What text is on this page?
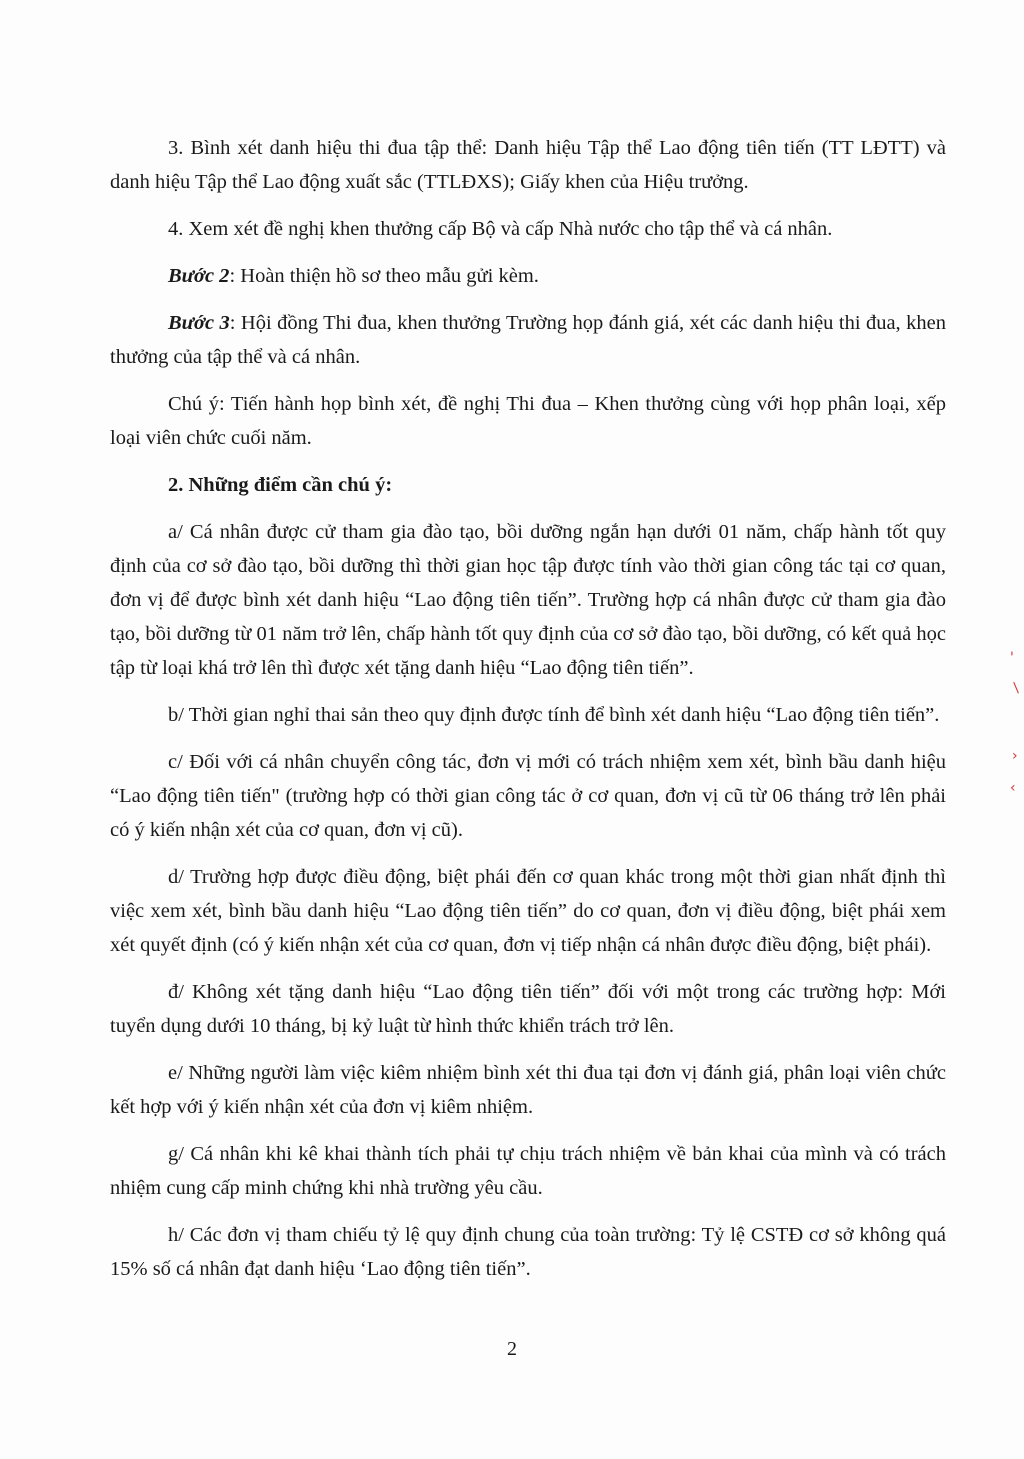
3. Bình xét danh hiệu thi đua tập thể: Danh hiệu Tập thể Lao động tiên tiến (TT LĐTT) và danh hiệu Tập thể Lao động xuất sắc (TTLĐXS); Giấy khen của Hiệu trưởng.

4. Xem xét đề nghị khen thưởng cấp Bộ và cấp Nhà nước cho tập thể và cá nhân.

Bước 2: Hoàn thiện hồ sơ theo mẫu gửi kèm.

Bước 3: Hội đồng Thi đua, khen thưởng Trường họp đánh giá, xét các danh hiệu thi đua, khen thưởng của tập thể và cá nhân.

Chú ý: Tiến hành họp bình xét, đề nghị Thi đua – Khen thưởng cùng với họp phân loại, xếp loại viên chức cuối năm.

2. Những điểm cần chú ý:

a/ Cá nhân được cử tham gia đào tạo, bồi dưỡng ngắn hạn dưới 01 năm, chấp hành tốt quy định của cơ sở đào tạo, bồi dưỡng thì thời gian học tập được tính vào thời gian công tác tại cơ quan, đơn vị để được bình xét danh hiệu “Lao động tiên tiến”. Trường hợp cá nhân được cử tham gia đào tạo, bồi dưỡng từ 01 năm trở lên, chấp hành tốt quy định của cơ sở đào tạo, bồi dưỡng, có kết quả học tập từ loại khá trở lên thì được xét tặng danh hiệu “Lao động tiên tiến”.

b/ Thời gian nghỉ thai sản theo quy định được tính để bình xét danh hiệu “Lao động tiên tiến”.

c/ Đối với cá nhân chuyển công tác, đơn vị mới có trách nhiệm xem xét, bình bầu danh hiệu “Lao động tiên tiến" (trường hợp có thời gian công tác ở cơ quan, đơn vị cũ từ 06 tháng trở lên phải có ý kiến nhận xét của cơ quan, đơn vị cũ).

d/ Trường hợp được điều động, biệt phái đến cơ quan khác trong một thời gian nhất định thì việc xem xét, bình bầu danh hiệu “Lao động tiên tiến” do cơ quan, đơn vị điều động, biệt phái xem xét quyết định (có ý kiến nhận xét của cơ quan, đơn vị tiếp nhận cá nhân được điều động, biệt phái).

đ/ Không xét tặng danh hiệu “Lao động tiên tiến” đối với một trong các trường hợp: Mới tuyển dụng dưới 10 tháng, bị kỷ luật từ hình thức khiển trách trở lên.

e/ Những người làm việc kiêm nhiệm bình xét thi đua tại đơn vị đánh giá, phân loại viên chức kết hợp với ý kiến nhận xét của đơn vị kiêm nhiệm.

g/ Cá nhân khi kê khai thành tích phải tự chịu trách nhiệm về bản khai của mình và có trách nhiệm cung cấp minh chứng khi nhà trường yêu cầu.

h/ Các đơn vị tham chiếu tỷ lệ quy định chung của toàn trường: Tỷ lệ CSTĐ cơ sở không quá 15% số cá nhân đạt danh hiệu ‘Lao động tiên tiến”.

2
'
/
›
‹
